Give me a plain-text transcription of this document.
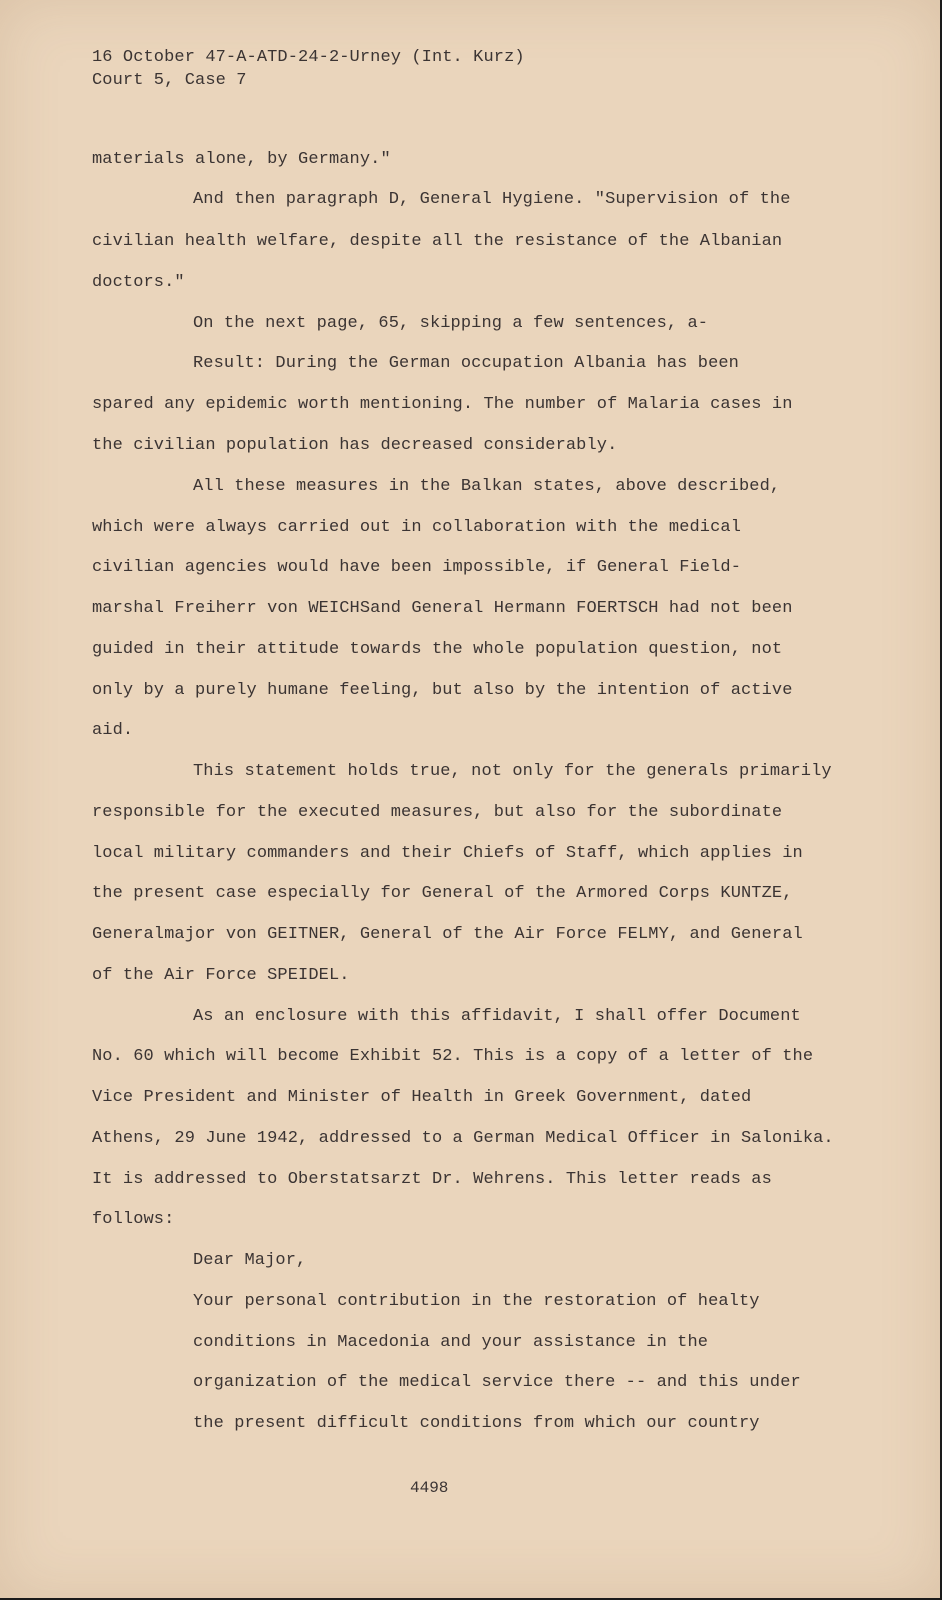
16 October 47-A-ATD-24-2-Urney (Int. Kurz)
Court 5, Case 7
materials alone, by Germany."
And then paragraph D, General Hygiene. "Supervision of the
civilian health welfare, despite all the resistance of the Albanian
doctors."
On the next page, 65, skipping a few sentences, a-
Result: During the German occupation Albania has been
spared any epidemic worth mentioning. The number of Malaria cases in
the civilian population has decreased considerably.
All these measures in the Balkan states, above described,
which were always carried out in collaboration with the medical
civilian agencies would have been impossible, if General Field-
marshal Freiherr von WEICHSand General Hermann FOERTSCH had not been
guided in their attitude towards the whole population question, not
only by a purely humane feeling, but also by the intention of active
aid.
This statement holds true, not only for the generals primarily
responsible for the executed measures, but also for the subordinate
local military commanders and their Chiefs of Staff, which applies in
the present case especially for General of the Armored Corps KUNTZE,
Generalmajor von GEITNER, General of the Air Force FELMY, and General
of the Air Force SPEIDEL.
As an enclosure with this affidavit, I shall offer Document
No. 60 which will become Exhibit 52. This is a copy of a letter of the
Vice President and Minister of Health in Greek Government, dated
Athens, 29 June 1942, addressed to a German Medical Officer in Salonika.
It is addressed to Oberstatsarzt Dr. Wehrens. This letter reads as
follows:
Dear Major,
Your personal contribution in the restoration of healty
conditions in Macedonia and your assistance in the
organization of the medical service there -- and this under
the present difficult conditions from which our country
4498
